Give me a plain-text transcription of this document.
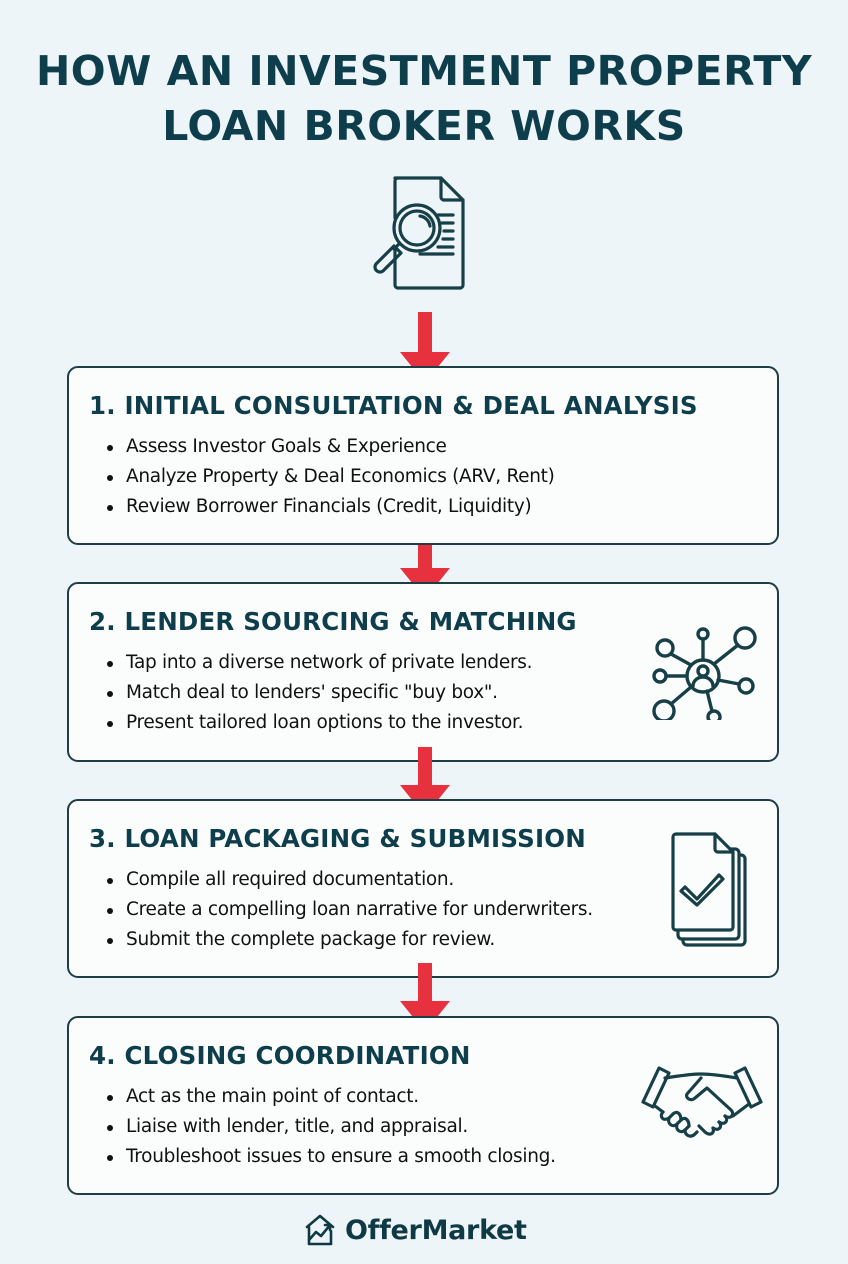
HOW AN INVESTMENT PROPERTY
LOAN BROKER WORKS
1. INITIAL CONSULTATION & DEAL ANALYSIS
Assess Investor Goals & Experience
Analyze Property & Deal Economics (ARV, Rent)
Review Borrower Financials (Credit, Liquidity)
2. LENDER SOURCING & MATCHING
Tap into a diverse network of private lenders.
Match deal to lenders' specific "buy box".
Present tailored loan options to the investor.
3. LOAN PACKAGING & SUBMISSION
Compile all required documentation.
Create a compelling loan narrative for underwriters.
Submit the complete package for review.
4. CLOSING COORDINATION
Act as the main point of contact.
Liaise with lender, title, and appraisal.
Troubleshoot issues to ensure a smooth closing.
OfferMarket
